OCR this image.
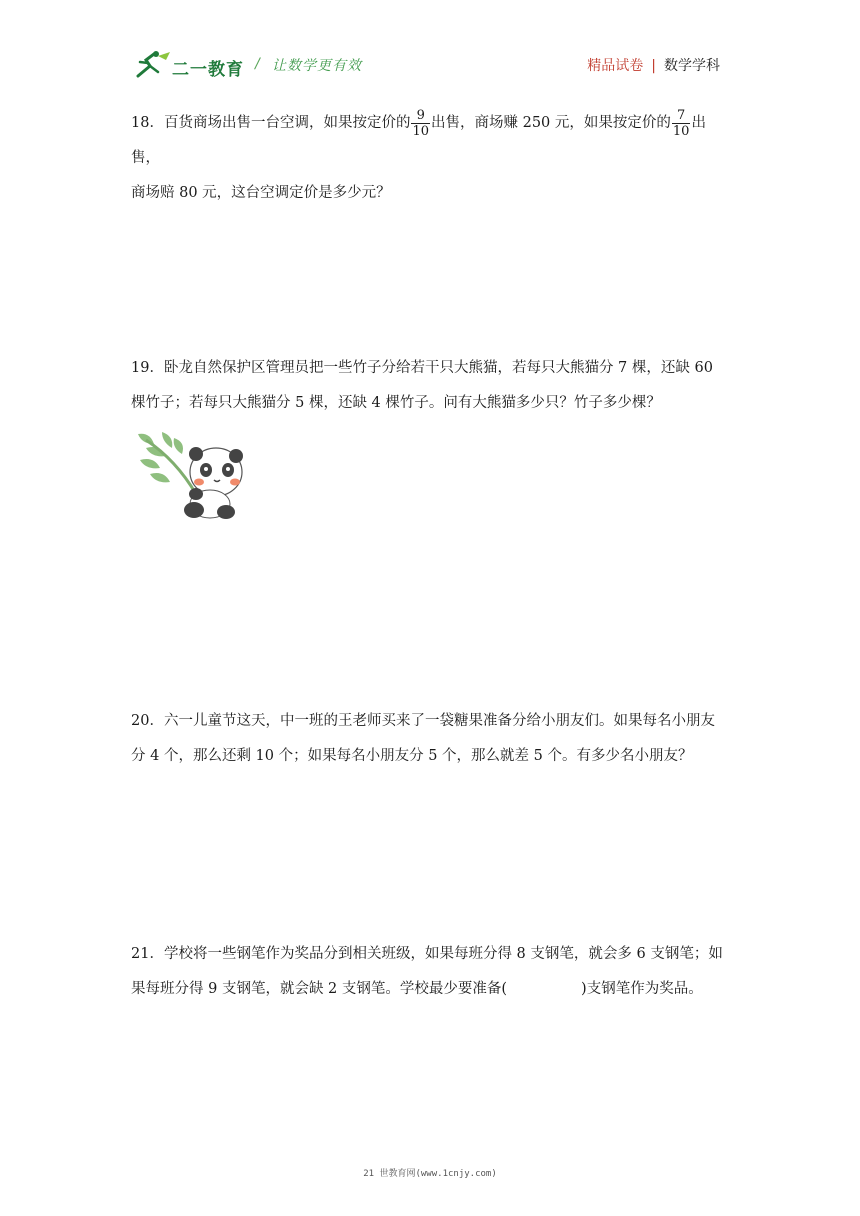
二一教育 / 让数学更有效	精品试卷 | 数学学科
18．百货商场出售一台空调，如果按定价的 $\frac{9}{10}$ 出售，商场赚 250 元，如果按定价的 $\frac{7}{10}$ 出售，
商场赔 80 元，这台空调定价是多少元？
19．卧龙自然保护区管理员把一些竹子分给若干只大熊猫，若每只大熊猫分 7 棵，还缺 60
棵竹子；若每只大熊猫分 5 棵，还缺 4 棵竹子。问有大熊猫多少只？竹子多少棵？
20．六一儿童节这天，中一班的王老师买来了一袋糖果准备分给小朋友们。如果每名小朋友
分 4 个，那么还剩 10 个；如果每名小朋友分 5 个，那么就差 5 个。有多少名小朋友？
21．学校将一些钢笔作为奖品分到相关班级，如果每班分得 8 支钢笔，就会多 6 支钢笔；如
果每班分得 9 支钢笔，就会缺 2 支钢笔。学校最少要准备(	)支钢笔作为奖品。
21 世教育网(www.1cnjy.com)
